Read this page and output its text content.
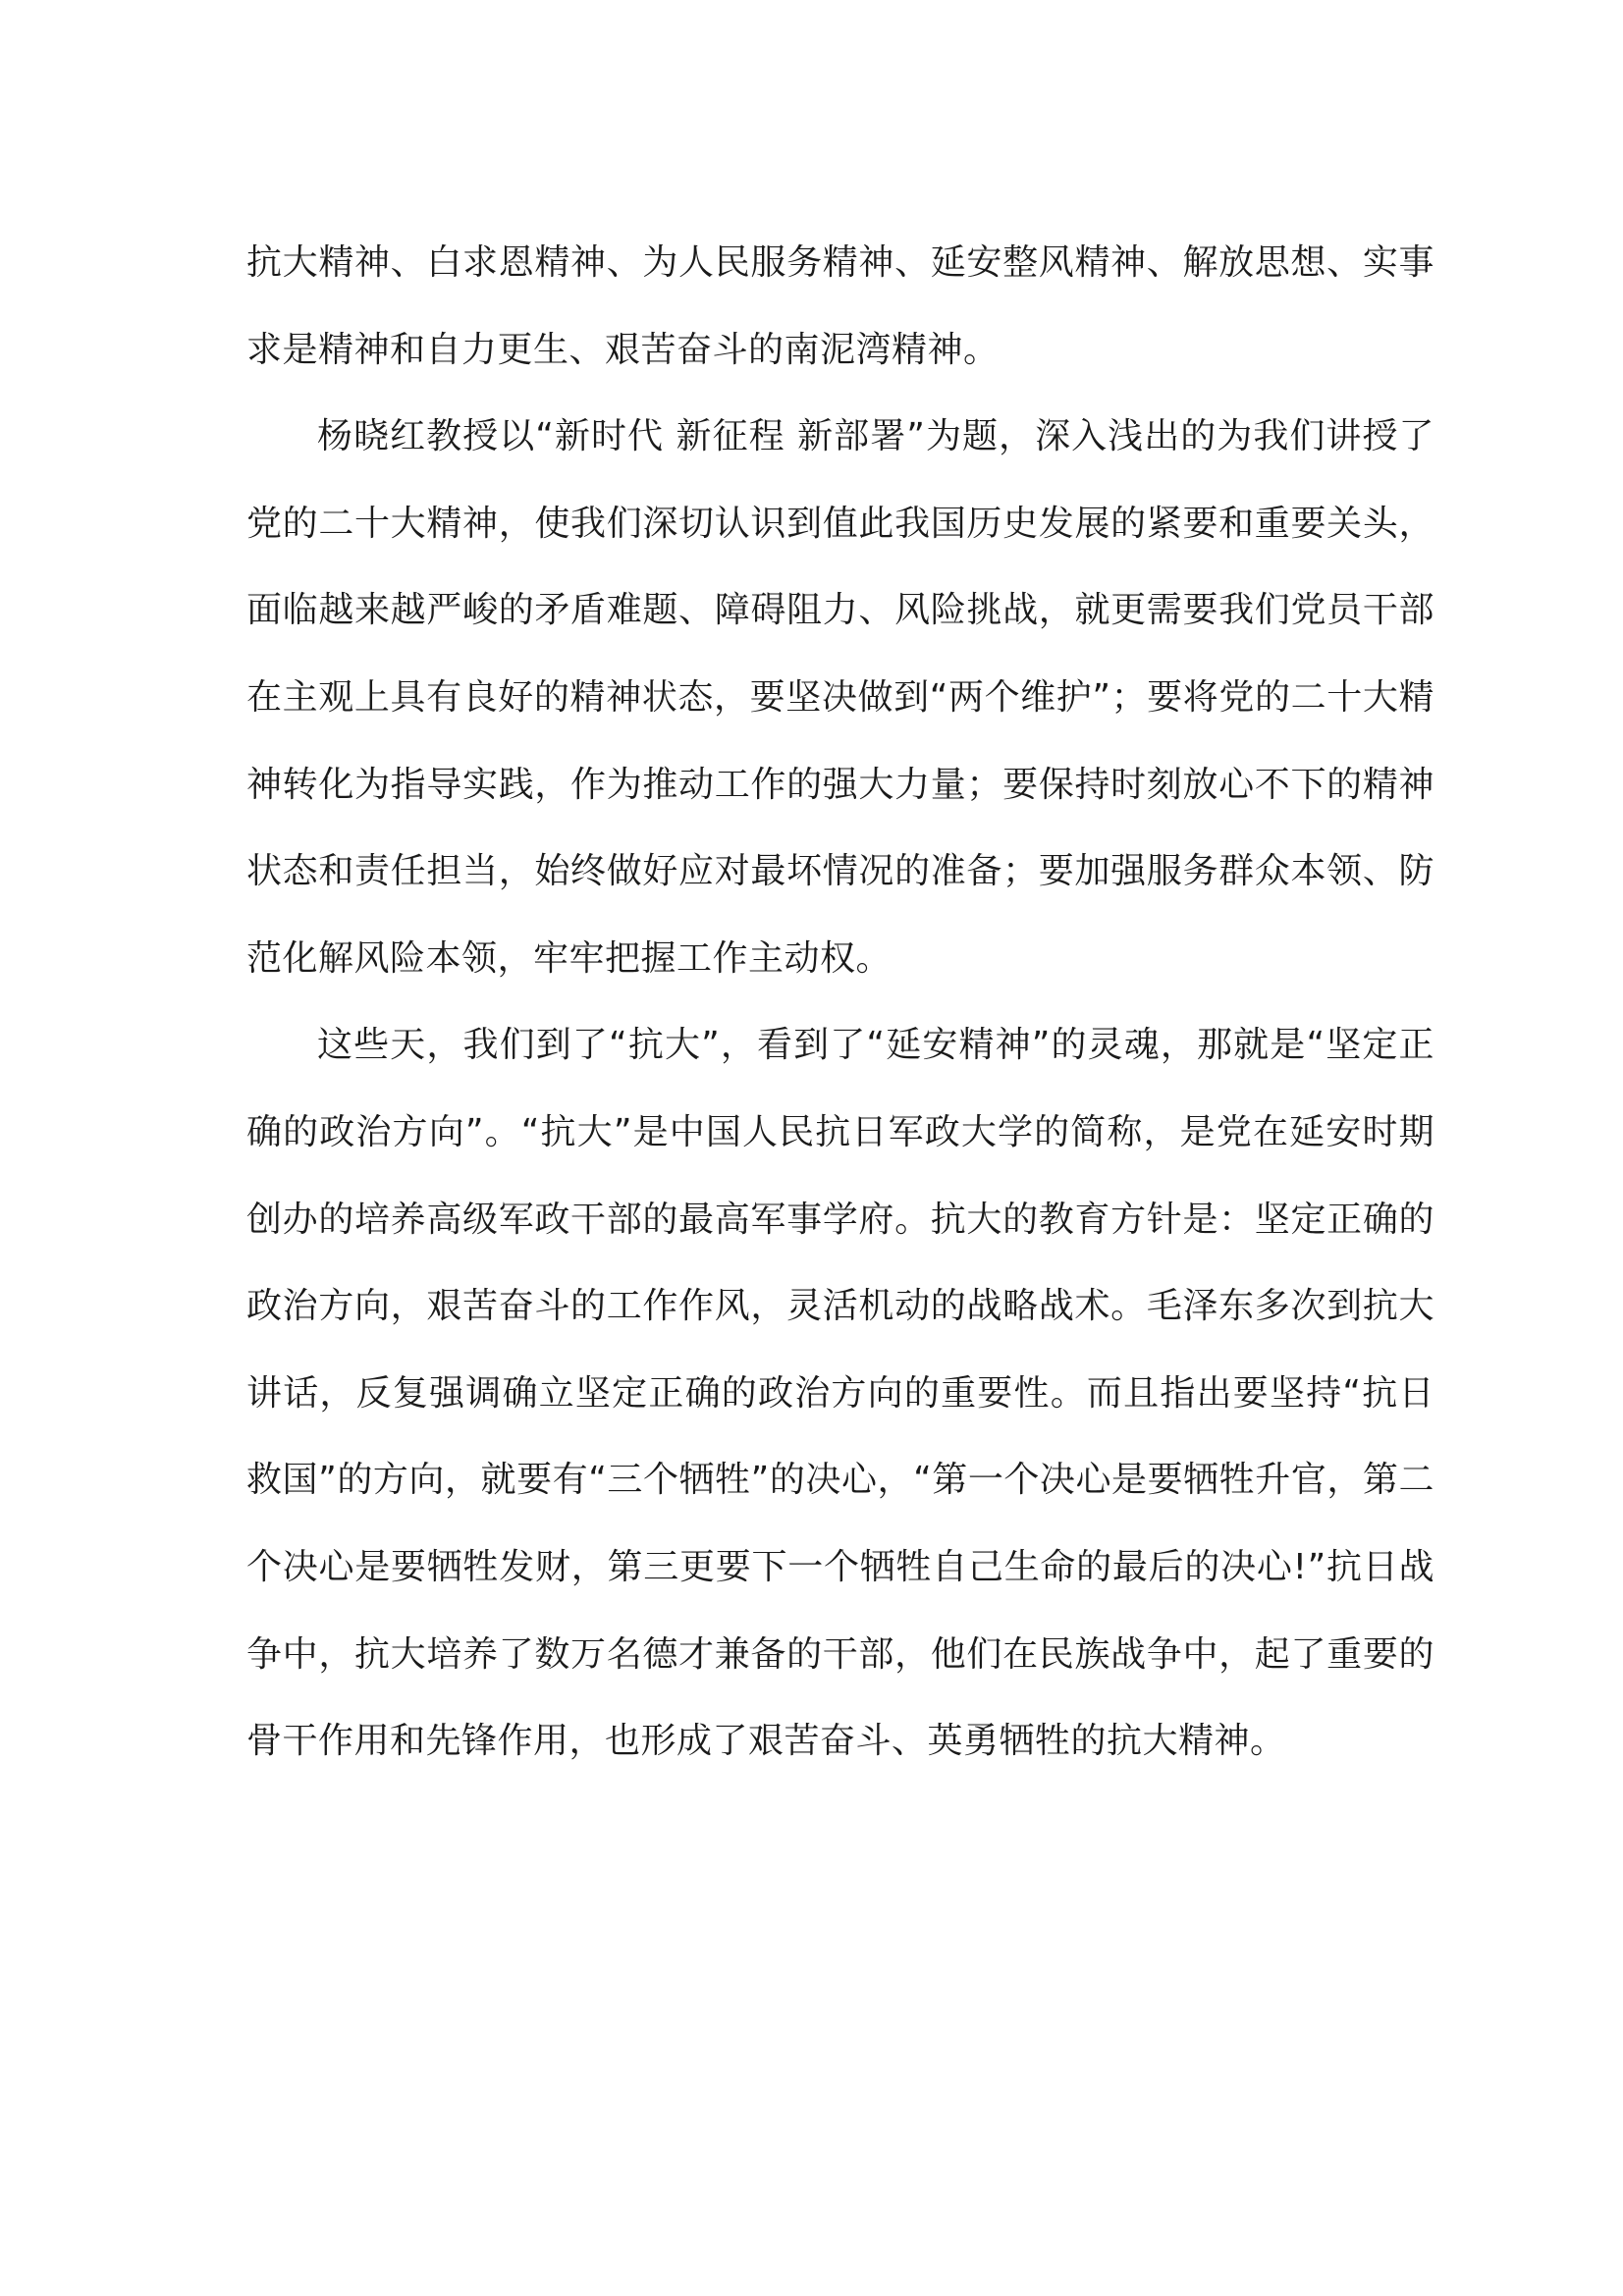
抗大精神、白求恩精神、为人民服务精神、延安整风精神、解放思想、实事求是精神和自力更生、艰苦奋斗的南泥湾精神。

杨晓红教授以“新时代 新征程 新部署”为题，深入浅出的为我们讲授了党的二十大精神，使我们深切认识到值此我国历史发展的紧要和重要关头，面临越来越严峻的矛盾难题、障碍阻力、风险挑战，就更需要我们党员干部在主观上具有良好的精神状态，要坚决做到“两个维护”；要将党的二十大精神转化为指导实践，作为推动工作的强大力量；要保持时刻放心不下的精神状态和责任担当，始终做好应对最坏情况的准备；要加强服务群众本领、防范化解风险本领，牢牢把握工作主动权。

这些天，我们到了“抗大”，看到了“延安精神”的灵魂，那就是“坚定正确的政治方向”。“抗大”是中国人民抗日军政大学的简称，是党在延安时期创办的培养高级军政干部的最高军事学府。抗大的教育方针是：坚定正确的政治方向，艰苦奋斗的工作作风，灵活机动的战略战术。毛泽东多次到抗大讲话，反复强调确立坚定正确的政治方向的重要性。而且指出要坚持“抗日救国”的方向，就要有“三个牺牲”的决心，“第一个决心是要牺牲升官，第二个决心是要牺牲发财，第三更要下一个牺牲自己生命的最后的决心!”抗日战争中，抗大培养了数万名德才兼备的干部，他们在民族战争中，起了重要的骨干作用和先锋作用，也形成了艰苦奋斗、英勇牺牲的抗大精神。
